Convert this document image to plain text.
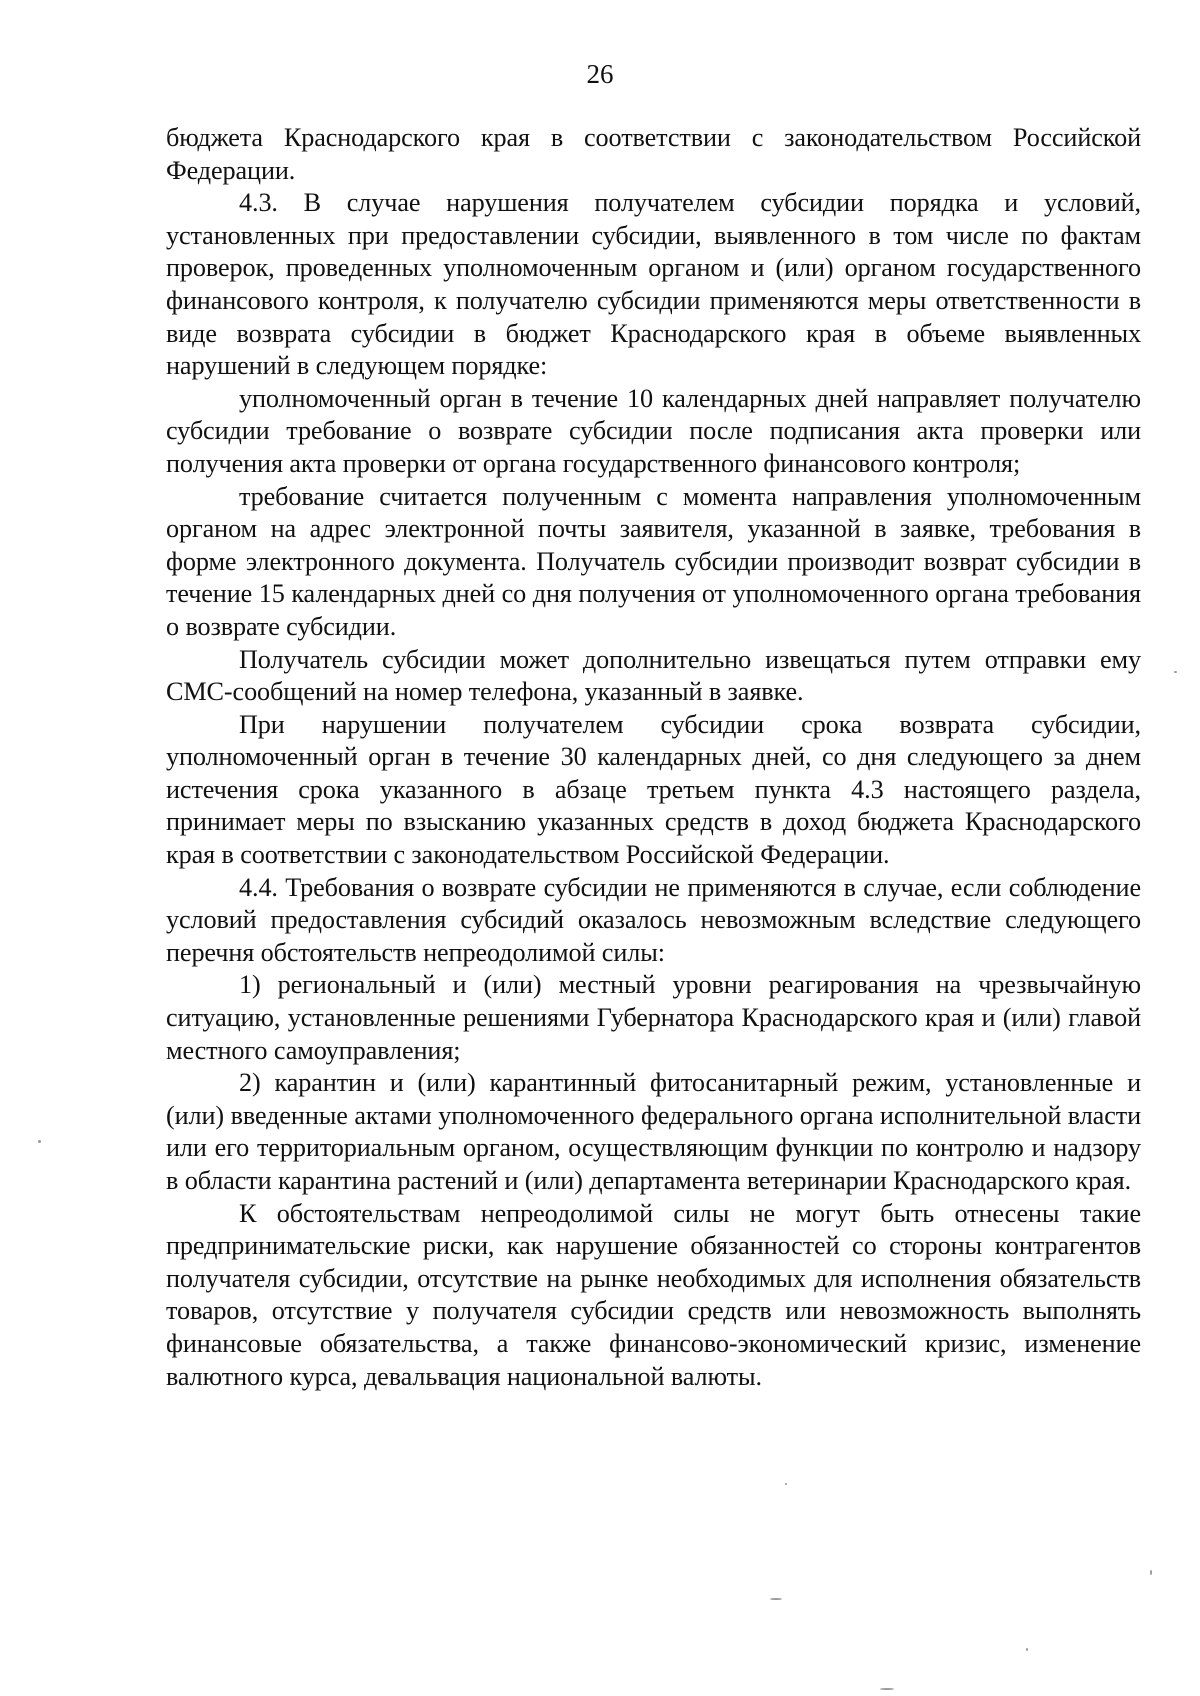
26

бюджета Краснодарского края в соответствии с законодательством Российской Федерации.

4.3. В случае нарушения получателем субсидии порядка и условий, установленных при предоставлении субсидии, выявленного в том числе по фактам проверок, проведенных уполномоченным органом и (или) органом государственного финансового контроля, к получателю субсидии применяются меры ответственности в виде возврата субсидии в бюджет Краснодарского края в объеме выявленных нарушений в следующем порядке:

уполномоченный орган в течение 10 календарных дней направляет получателю субсидии требование о возврате субсидии после подписания акта проверки или получения акта проверки от органа государственного финансового контроля;

требование считается полученным с момента направления уполномоченным органом на адрес электронной почты заявителя, указанной в заявке, требования в форме электронного документа. Получатель субсидии производит возврат субсидии в течение 15 календарных дней со дня получения от уполномоченного органа требования о возврате субсидии.

Получатель субсидии может дополнительно извещаться путем отправки ему СМС-сообщений на номер телефона, указанный в заявке.

При нарушении получателем субсидии срока возврата субсидии, уполномоченный орган в течение 30 календарных дней, со дня следующего за днем истечения срока указанного в абзаце третьем пункта 4.3 настоящего раздела, принимает меры по взысканию указанных средств в доход бюджета Краснодарского края в соответствии с законодательством Российской Федерации.

4.4. Требования о возврате субсидии не применяются в случае, если соблюдение условий предоставления субсидий оказалось невозможным вследствие следующего перечня обстоятельств непреодолимой силы:

1) региональный и (или) местный уровни реагирования на чрезвычайную ситуацию, установленные решениями Губернатора Краснодарского края и (или) главой местного самоуправления;

2) карантин и (или) карантинный фитосанитарный режим, установленные и (или) введенные актами уполномоченного федерального органа исполнительной власти или его территориальным органом, осуществляющим функции по контролю и надзору в области карантина растений и (или) департамента ветеринарии Краснодарского края.

К обстоятельствам непреодолимой силы не могут быть отнесены такие предпринимательские риски, как нарушение обязанностей со стороны контрагентов получателя субсидии, отсутствие на рынке необходимых для исполнения обязательств товаров, отсутствие у получателя субсидии средств или невозможность выполнять финансовые обязательства, а также финансово-экономический кризис, изменение валютного курса, девальвация национальной валюты.
